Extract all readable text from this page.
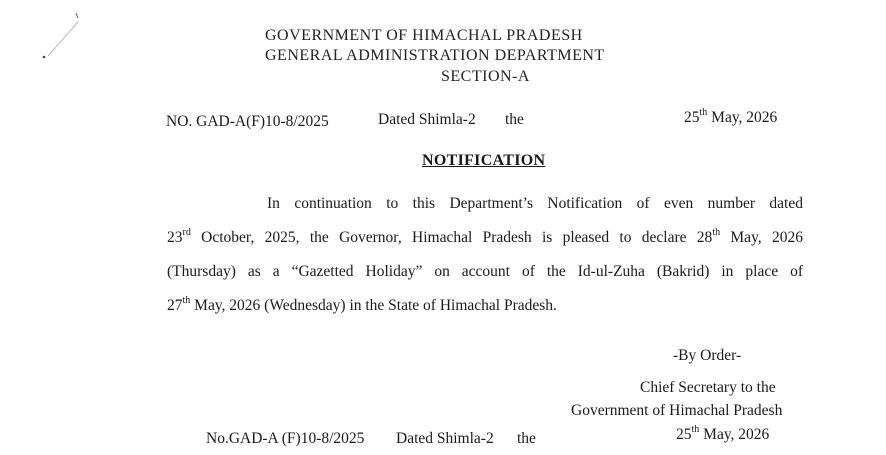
GOVERNMENT OF HIMACHAL PRADESH
GENERAL ADMINISTRATION DEPARTMENT
SECTION-A
NO. GAD-A(F)10-8/2025	Dated Shimla-2 the	25th May, 2026
NOTIFICATION
In continuation to this Department’s Notification of even number dated
23rd October, 2025, the Governor, Himachal Pradesh is pleased to declare 28th May, 2026
(Thursday) as a “Gazetted Holiday” on account of the Id-ul-Zuha (Bakrid) in place of
27th May, 2026 (Wednesday) in the State of Himachal Pradesh.
-By Order-
Chief Secretary to the
Government of Himachal Pradesh
No.GAD-A (F)10-8/2025 Dated Shimla-2 the	25th May, 2026
